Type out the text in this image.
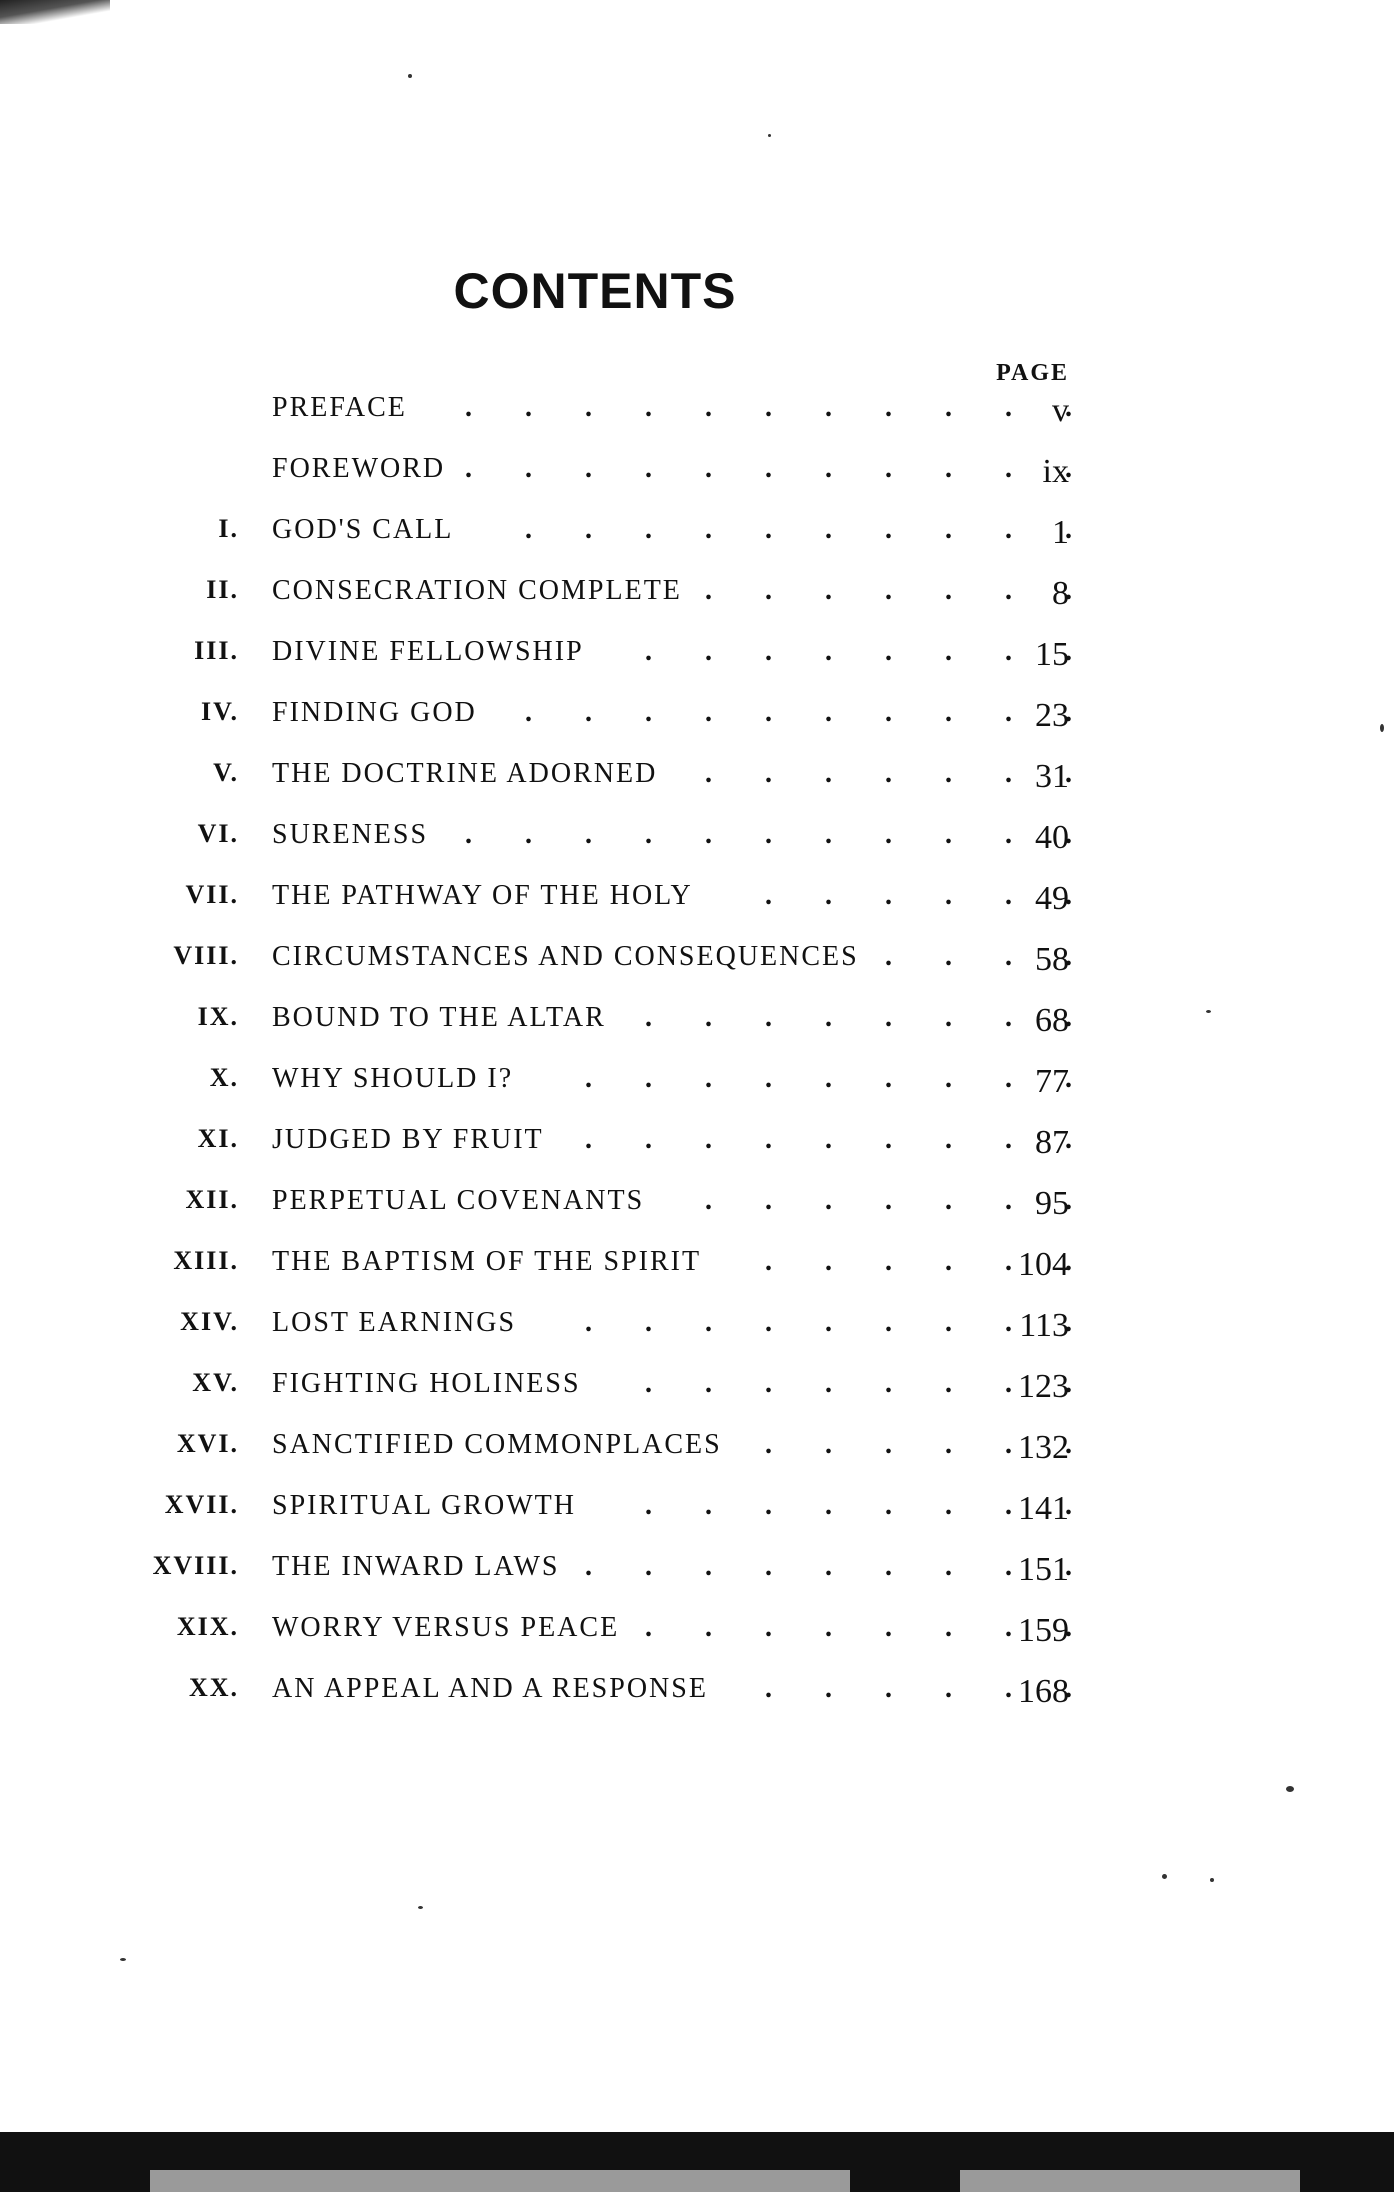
CONTENTS
PAGE
PREFACE . . .	v
FOREWORD . . .	ix
I. GOD'S CALL . . .	1
II. CONSECRATION COMPLETE . . .	8
III. DIVINE FELLOWSHIP . . .	15
IV. FINDING GOD . . .	23
V. THE DOCTRINE ADORNED . . .	31
VI. SURENESS . . .	40
VII. THE PATHWAY OF THE HOLY . . .	49
VIII. CIRCUMSTANCES AND CONSEQUENCES . . .	58
IX. BOUND TO THE ALTAR . . .	68
X. WHY SHOULD I? . . .	77
XI. JUDGED BY FRUIT . . .	87
XII. PERPETUAL COVENANTS . . .	95
XIII. THE BAPTISM OF THE SPIRIT . . .	104
XIV. LOST EARNINGS . . .	113
XV. FIGHTING HOLINESS . . .	123
XVI. SANCTIFIED COMMONPLACES . . .	132
XVII. SPIRITUAL GROWTH . . .	141
XVIII. THE INWARD LAWS . . .	151
XIX. WORRY VERSUS PEACE . . .	159
XX. AN APPEAL AND A RESPONSE . . .	168
